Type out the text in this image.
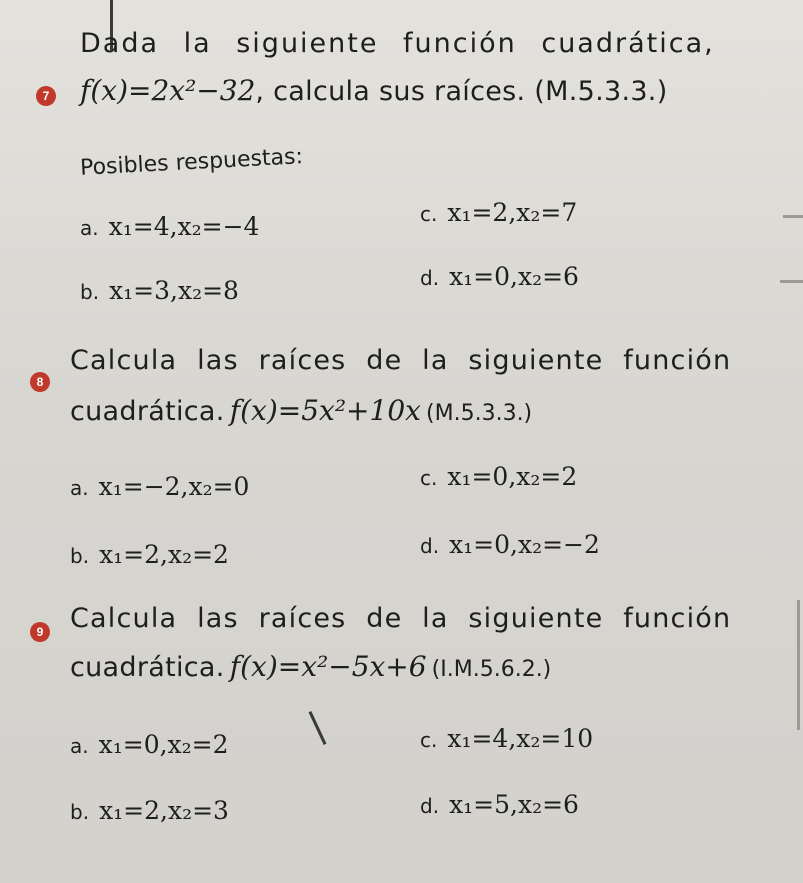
7
Dada la siguiente función cuadrática,
f(x)=2x²−32, calcula sus raíces. (M.5.3.3.)
Posibles respuestas:
a. x₁=4,x₂=−4
b. x₁=3,x₂=8
c. x₁=2,x₂=7
d. x₁=0,x₂=6
8
Calcula las raíces de la siguiente función
cuadrática. f(x)=5x²+10x (M.5.3.3.)
a. x₁=−2,x₂=0
b. x₁=2,x₂=2
c. x₁=0,x₂=2
d. x₁=0,x₂=−2
9 Calcula las raíces de la siguiente función
cuadrática. f(x)=x²−5x+6 (I.M.5.6.2.)
a. x₁=0,x₂=2
b. x₁=2,x₂=3
c. x₁=4,x₂=10
d. x₁=5,x₂=6
